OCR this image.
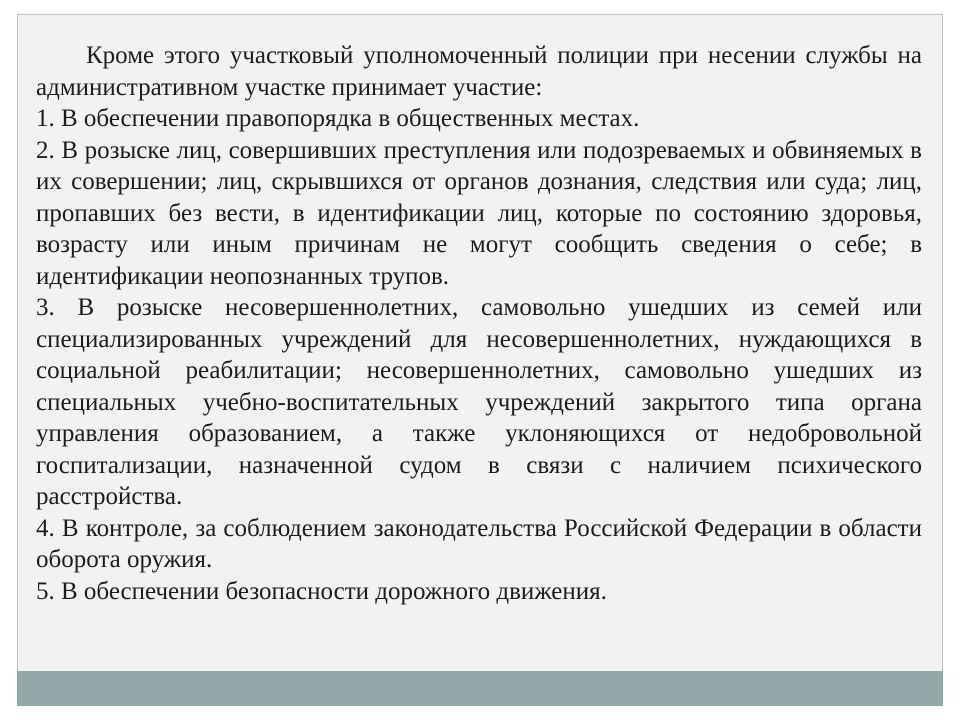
Кроме этого участковый уполномоченный полиции при несении службы на административном участке принимает участие:

1. В обеспечении правопорядка в общественных местах.

2. В розыске лиц, совершивших преступления или подозреваемых и обвиняемых в их совершении; лиц, скрывшихся от органов дознания, следствия или суда; лиц, пропавших без вести, в идентификации лиц, которые по состоянию здоровья, возрасту или иным причинам не могут сообщить сведения о себе; в идентификации неопознанных трупов.

3. В розыске несовершеннолетних, самовольно ушедших из семей или специализированных учреждений для несовершеннолетних, нуждающихся в социальной реабилитации; несовершеннолетних, самовольно ушедших из специальных учебно-воспитательных учреждений закрытого типа органа управления образованием, а также уклоняющихся от недобровольной госпитализации, назначенной судом в связи с наличием психического расстройства.

4. В контроле, за соблюдением законодательства Российской Федерации в области оборота оружия.

5. В обеспечении безопасности дорожного движения.
